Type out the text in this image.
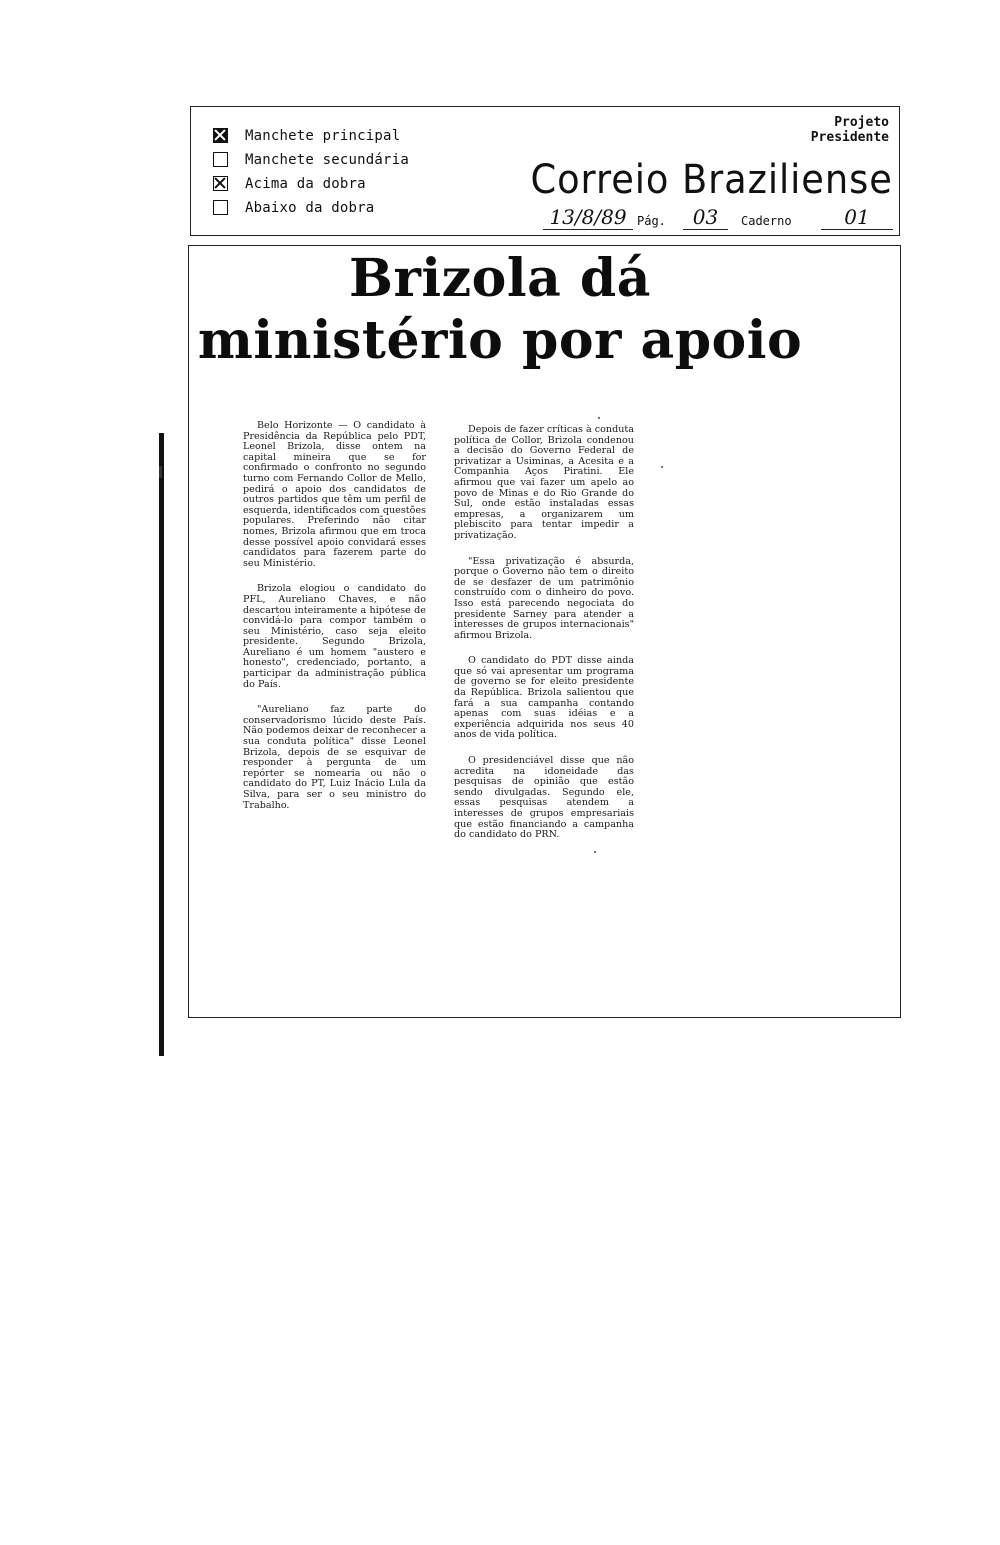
Manchete principal
Manchete secundária
Acima da dobra
Abaixo da dobra
Projeto
Presidente
Correio Braziliense
13/8/89 Pág.	03	Caderno	01
Brizola dá
ministério por apoio

Belo Horizonte — O candidato à Presidência da República pelo PDT, Leonel Brizola, disse ontem na capital mineira que se for confirmado o confronto no segundo turno com Fernando Collor de Mello, pedirá o apoio dos candidatos de outros partidos que têm um perfil de esquerda, identificados com questões populares. Preferindo não citar nomes, Brizola afirmou que em troca desse possível apoio convidará esses candidatos para fazerem parte do seu Ministério.

Brizola elogiou o candidato do PFL, Aureliano Chaves, e não descartou inteiramente a hipótese de convidá-lo para compor também o seu Ministério, caso seja eleito presidente. Segundo Brizola, Aureliano é um homem "austero e honesto", credenciado, portanto, a participar da administração pública do País.

"Aureliano faz parte do conservadorismo lúcido deste País. Não podemos deixar de reconhecer a sua conduta política" disse Leonel Brizola, depois de se esquivar de responder à pergunta de um repórter se nomearia ou não o candidato do PT, Luiz Inácio Lula da Silva, para ser o seu ministro do Trabalho.

Depois de fazer críticas à conduta política de Collor, Brizola condenou a decisão do Governo Federal de privatizar a Usiminas, a Acesita e a Companhia Aços Piratini. Ele afirmou que vai fazer um apelo ao povo de Minas e do Rio Grande do Sul, onde estão instaladas essas empresas, a organizarem um plebiscito para tentar impedir a privatização.

"Essa privatização é absurda, porque o Governo não tem o direito de se desfazer de um patrimônio construído com o dinheiro do povo. Isso está parecendo negociata do presidente Sarney para atender a interesses de grupos internacionais" afirmou Brizola.

O candidato do PDT disse ainda que só vai apresentar um programa de governo se for eleito presidente da República. Brizola salientou que fará a sua campanha contando apenas com suas idéias e a experiência adquirida nos seus 40 anos de vida política.

O presidenciável disse que não acredita na idoneidade das pesquisas de opinião que estão sendo divulgadas. Segundo ele, essas pesquisas atendem a interesses de grupos empresariais que estão financiando a campanha do candidato do PRN.
